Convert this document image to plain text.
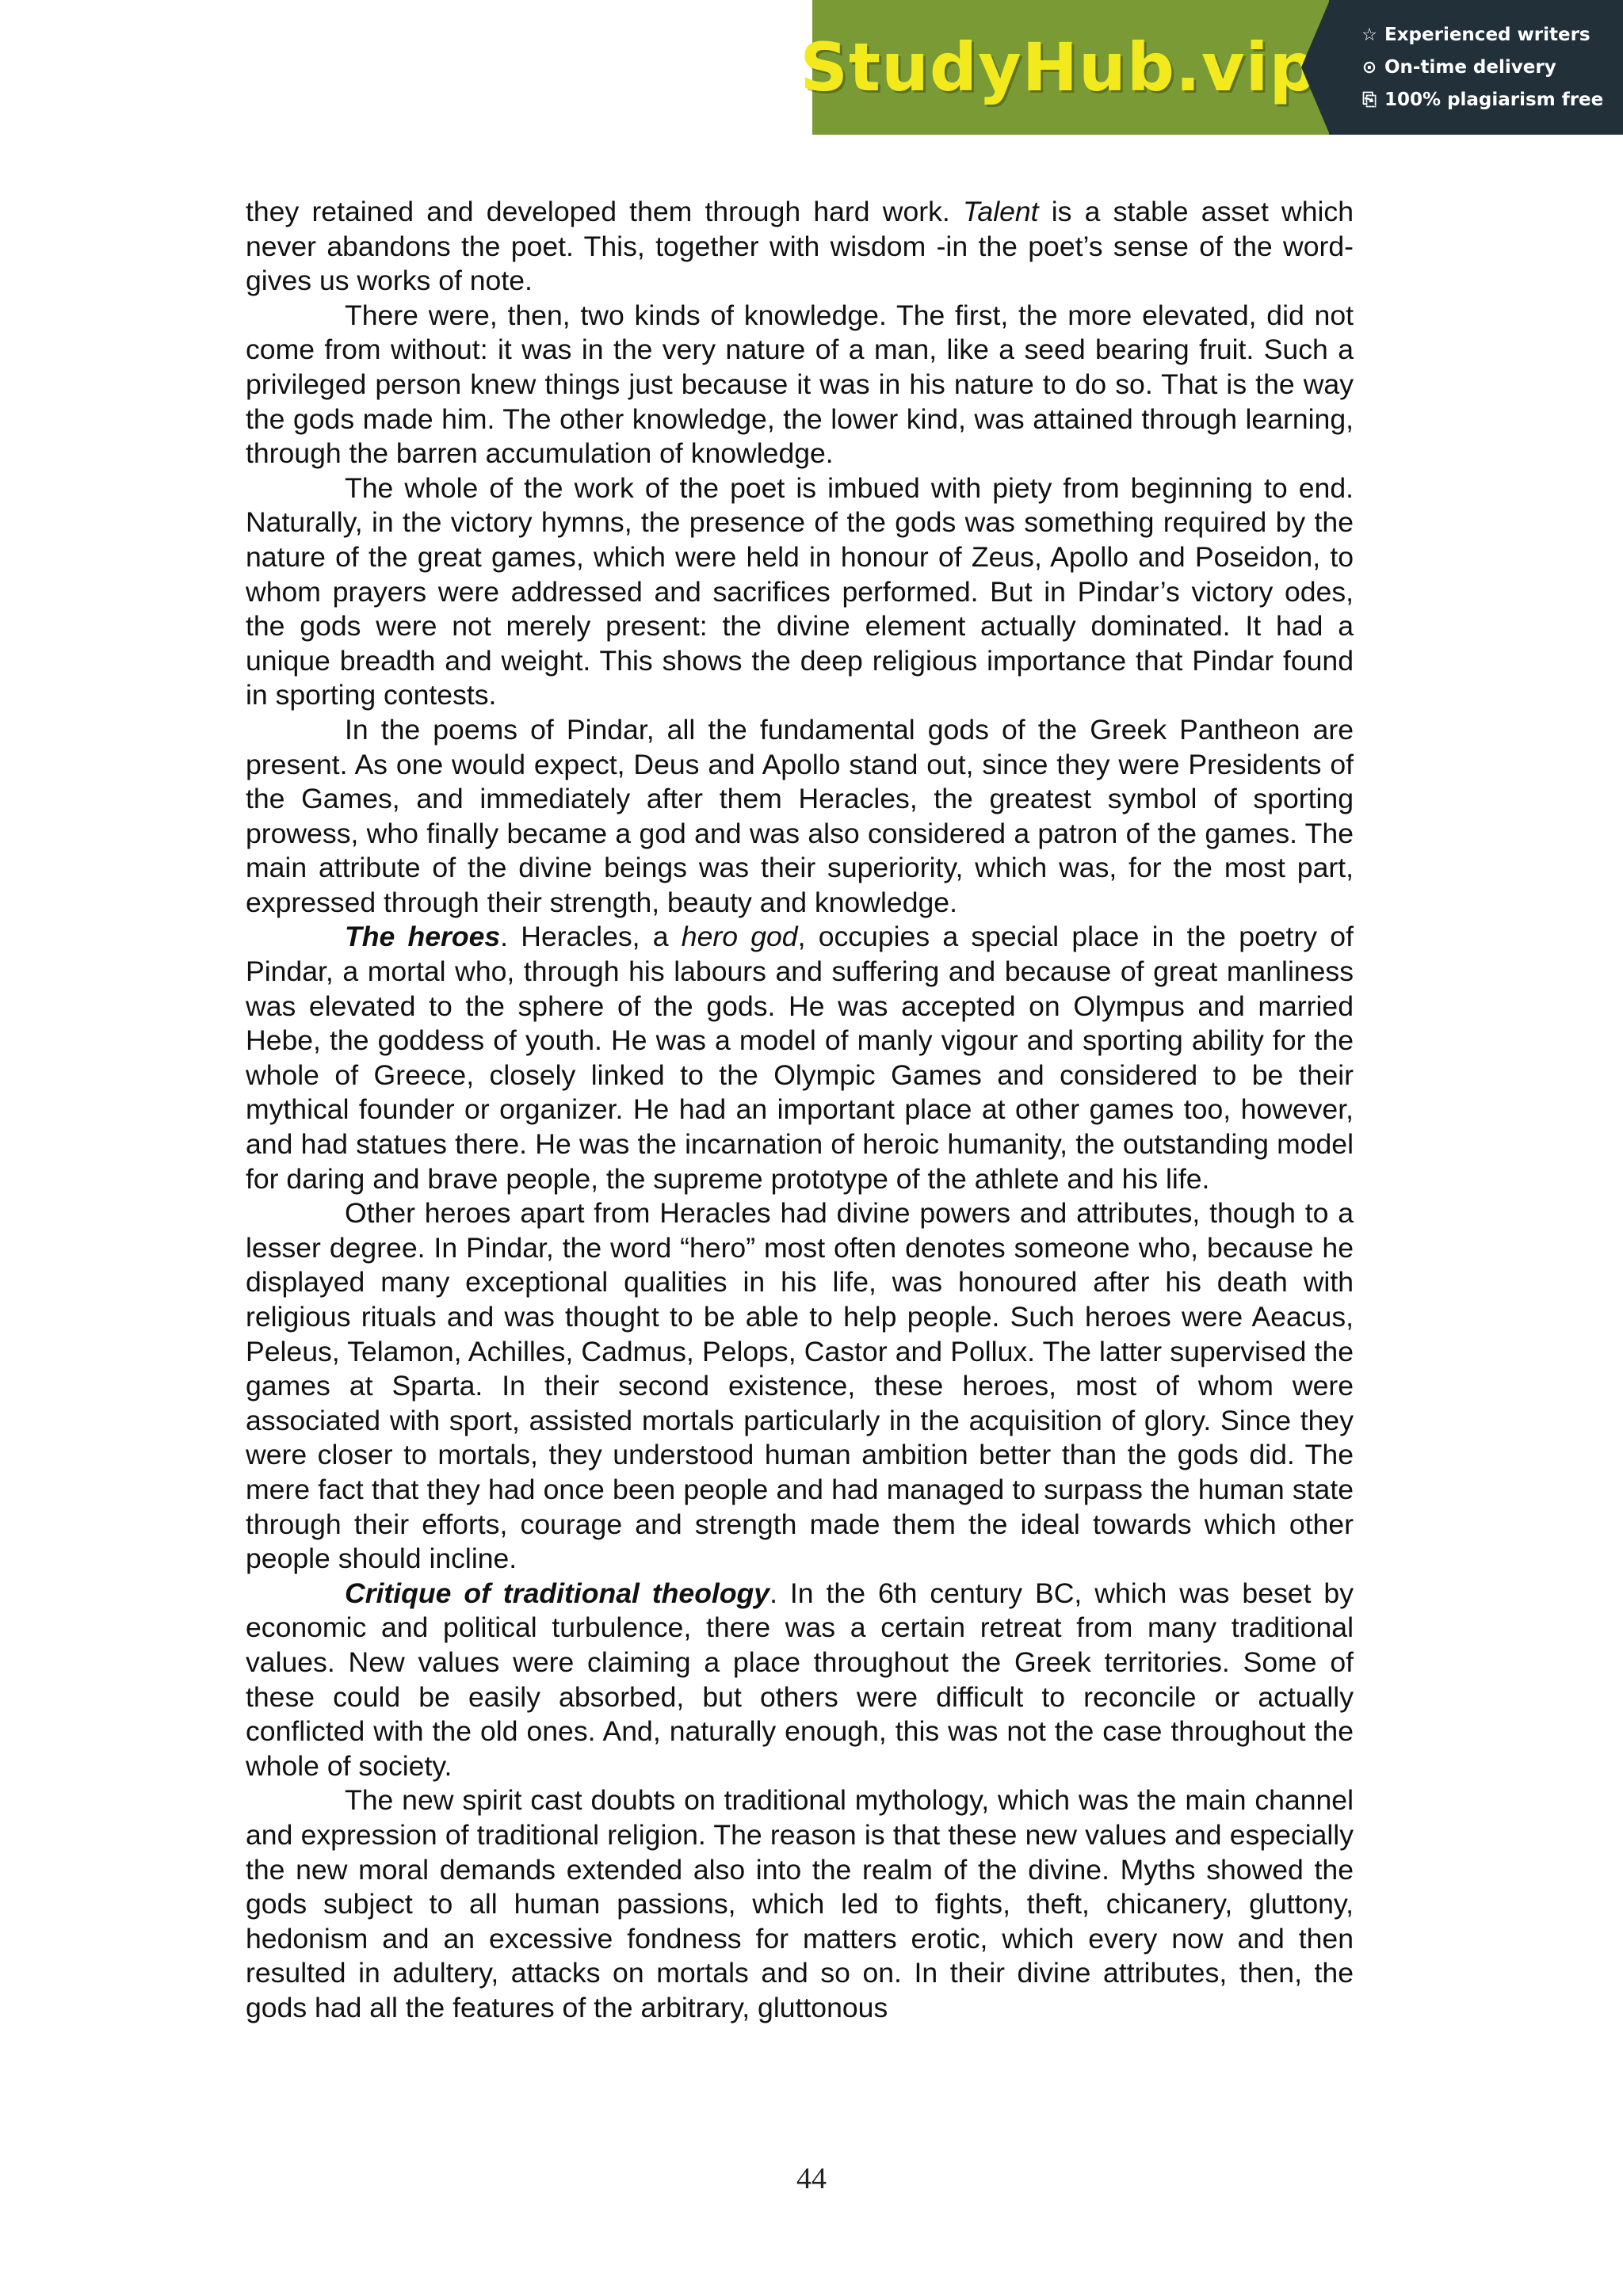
StudyHub.vip	☆ Experienced writers
⊙ On-time delivery
⎘ 100% plagiarism free

they retained and developed them through hard work. Talent is a stable asset which never abandons the poet. This, together with wisdom -in the poet’s sense of the word- gives us works of note.

There were, then, two kinds of knowledge. The first, the more elevated, did not come from without: it was in the very nature of a man, like a seed bearing fruit. Such a privileged person knew things just because it was in his nature to do so. That is the way the gods made him. The other knowledge, the lower kind, was attained through learning, through the barren accumulation of knowledge.

The whole of the work of the poet is imbued with piety from beginning to end. Naturally, in the victory hymns, the presence of the gods was something required by the nature of the great games, which were held in honour of Zeus, Apollo and Poseidon, to whom prayers were addressed and sacrifices performed. But in Pindar’s victory odes, the gods were not merely present: the divine element actually dominated. It had a unique breadth and weight. This shows the deep religious importance that Pindar found in sporting contests.

In the poems of Pindar, all the fundamental gods of the Greek Pantheon are present. As one would expect, Deus and Apollo stand out, since they were Presidents of the Games, and immediately after them Heracles, the greatest symbol of sporting prowess, who finally became a god and was also considered a patron of the games. The main attribute of the divine beings was their superiority, which was, for the most part, expressed through their strength, beauty and knowledge.

The heroes. Heracles, a hero god, occupies a special place in the poetry of Pindar, a mortal who, through his labours and suffering and because of great manliness was elevated to the sphere of the gods. He was accepted on Olympus and married Hebe, the goddess of youth. He was a model of manly vigour and sporting ability for the whole of Greece, closely linked to the Olympic Games and considered to be their mythical founder or organizer. He had an important place at other games too, however, and had statues there. He was the incarnation of heroic humanity, the outstanding model for daring and brave people, the supreme prototype of the athlete and his life.

Other heroes apart from Heracles had divine powers and attributes, though to a lesser degree. In Pindar, the word “hero” most often denotes someone who, because he displayed many exceptional qualities in his life, was honoured after his death with religious rituals and was thought to be able to help people. Such heroes were Aeacus, Peleus, Telamon, Achilles, Cadmus, Pelops, Castor and Pollux. The latter supervised the games at Sparta. In their second existence, these heroes, most of whom were associated with sport, assisted mortals particularly in the acquisition of glory. Since they were closer to mortals, they understood human ambition better than the gods did. The mere fact that they had once been people and had managed to surpass the human state through their efforts, courage and strength made them the ideal towards which other people should incline.

Critique of traditional theology. In the 6th century BC, which was beset by economic and political turbulence, there was a certain retreat from many traditional values. New values were claiming a place throughout the Greek territories. Some of these could be easily absorbed, but others were difficult to reconcile or actually conflicted with the old ones. And, naturally enough, this was not the case throughout the whole of society.

The new spirit cast doubts on traditional mythology, which was the main channel and expression of traditional religion. The reason is that these new values and especially the new moral demands extended also into the realm of the divine. Myths showed the gods subject to all human passions, which led to fights, theft, chicanery, gluttony, hedonism and an excessive fondness for matters erotic, which every now and then resulted in adultery, attacks on mortals and so on. In their divine attributes, then, the gods had all the features of the arbitrary, gluttonous

44
